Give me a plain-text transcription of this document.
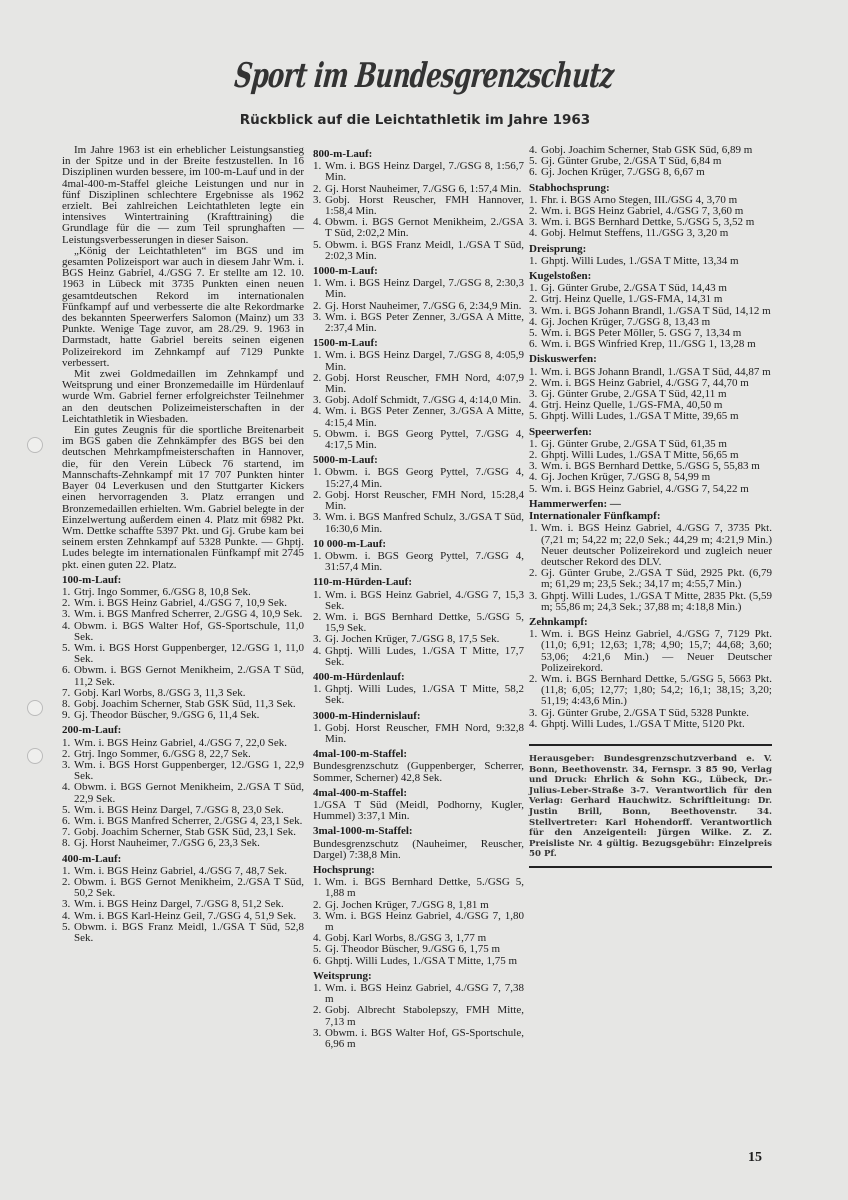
Sport im Bundesgrenzschutz
Rückblick auf die Leichtathletik im Jahre 1963
Im Jahre 1963 ist ein erheblicher Leistungsanstieg in der Spitze und in der Breite festzustellen. In 16 Disziplinen wurden bessere, im 100-m-Lauf und in der 4mal-400-m-Staffel gleiche Leistungen und nur in fünf Disziplinen schlechtere Ergebnisse als 1962 erzielt. Bei zahlreichen Leichtathleten legte ein intensives Wintertraining (Krafttraining) die Grundlage für die — zum Teil sprunghaften — Leistungsverbesserungen in dieser Saison.
„König der Leichtathleten“ im BGS und im gesamten Polizeisport war auch in diesem Jahr Wm. i. BGS Heinz Gabriel, 4./GSG 7. Er stellte am 12. 10. 1963 in Lübeck mit 3735 Punkten einen neuen gesamtdeutschen Rekord im internationalen Fünfkampf auf und verbesserte die alte Rekordmarke des bekannten Speerwerfers Salomon (Mainz) um 33 Punkte. Wenige Tage zuvor, am 28./29. 9. 1963 in Darmstadt, hatte Gabriel bereits seinen eigenen Polizeirekord im Zehnkampf auf 7129 Punkte verbessert.
Mit zwei Goldmedaillen im Zehnkampf und Weitsprung und einer Bronzemedaille im Hürdenlauf wurde Wm. Gabriel ferner erfolgreichster Teilnehmer an den deutschen Polizeimeisterschaften in der Leichtathletik in Wiesbaden.
Ein gutes Zeugnis für die sportliche Breitenarbeit im BGS gaben die Zehnkämpfer des BGS bei den deutschen Mehrkampfmeisterschaften in Hannover, die, für den Verein Lübeck 76 startend, im Mannschafts-Zehnkampf mit 17 707 Punkten hinter Bayer 04 Leverkusen und den Stuttgarter Kickers einen hervorragenden 3. Platz errangen und Bronzemedaillen erhielten. Wm. Gabriel belegte in der Einzelwertung außerdem einen 4. Platz mit 6982 Pkt. Wm. Dettke schaffte 5397 Pkt. und Gj. Grube kam bei seinem ersten Zehnkampf auf 5328 Punkte. — Ghptj. Ludes belegte im internationalen Fünfkampf mit 2745 pkt. einen guten 22. Platz.
100-m-Lauf:
1. Gtrj. Ingo Sommer, 6./GSG 8, 10,8 Sek.
2. Wm. i. BGS Heinz Gabriel, 4./GSG 7, 10,9 Sek.
3. Wm. i. BGS Manfred Scherrer, 2./GSG 4, 10,9 Sek.
4. Obwm. i. BGS Walter Hof, GS-Sportschule, 11,0 Sek.
5. Wm. i. BGS Horst Guppenberger, 12./GSG 1, 11,0 Sek.
6. Obwm. i. BGS Gernot Menikheim, 2./GSA T Süd, 11,2 Sek.
7. Gobj. Karl Worbs, 8./GSG 3, 11,3 Sek.
8. Gobj. Joachim Scherner, Stab GSK Süd, 11,3 Sek.
9. Gj. Theodor Büscher, 9./GSG 6, 11,4 Sek.
200-m-Lauf:
1. Wm. i. BGS Heinz Gabriel, 4./GSG 7, 22,0 Sek.
2. Gtrj. Ingo Sommer, 6./GSG 8, 22,7 Sek.
3. Wm. i. BGS Horst Guppenberger, 12./GSG 1, 22,9 Sek.
4. Obwm. i. BGS Gernot Menikheim, 2./GSA T Süd, 22,9 Sek.
5. Wm. i. BGS Heinz Dargel, 7./GSG 8, 23,0 Sek.
6. Wm. i. BGS Manfred Scherrer, 2./GSG 4, 23,1 Sek.
7. Gobj. Joachim Scherner, Stab GSK Süd, 23,1 Sek.
8. Gj. Horst Nauheimer, 7./GSG 6, 23,3 Sek.
400-m-Lauf:
1. Wm. i. BGS Heinz Gabriel, 4./GSG 7, 48,7 Sek.
2. Obwm. i. BGS Gernot Menikheim, 2./GSA T Süd, 50,2 Sek.
3. Wm. i. BGS Heinz Dargel, 7./GSG 8, 51,2 Sek.
4. Wm. i. BGS Karl-Heinz Geil, 7./GSG 4, 51,9 Sek.
5. Obwm. i. BGS Franz Meidl, 1./GSA T Süd, 52,8 Sek.
800-m-Lauf:
1. Wm. i. BGS Heinz Dargel, 7./GSG 8, 1:56,7 Min.
2. Gj. Horst Nauheimer, 7./GSG 6, 1:57,4 Min.
3. Gobj. Horst Reuscher, FMH Hannover, 1:58,4 Min.
4. Obwm. i. BGS Gernot Menikheim, 2./GSA T Süd, 2:02,2 Min.
5. Obwm. i. BGS Franz Meidl, 1./GSA T Süd, 2:02,3 Min.
1000-m-Lauf:
1. Wm. i. BGS Heinz Dargel, 7./GSG 8, 2:30,3 Min.
2. Gj. Horst Nauheimer, 7./GSG 6, 2:34,9 Min.
3. Wm. i. BGS Peter Zenner, 3./GSA A Mitte, 2:37,4 Min.
1500-m-Lauf:
1. Wm. i. BGS Heinz Dargel, 7./GSG 8, 4:05,9 Min.
2. Gobj. Horst Reuscher, FMH Nord, 4:07,9 Min.
3. Gobj. Adolf Schmidt, 7./GSG 4, 4:14,0 Min.
4. Wm. i. BGS Peter Zenner, 3./GSA A Mitte, 4:15,4 Min.
5. Obwm. i. BGS Georg Pyttel, 7./GSG 4, 4:17,5 Min.
5000-m-Lauf:
1. Obwm. i. BGS Georg Pyttel, 7./GSG 4, 15:27,4 Min.
2. Gobj. Horst Reuscher, FMH Nord, 15:28,4 Min.
3. Wm. i. BGS Manfred Schulz, 3./GSA T Süd, 16:30,6 Min.
10 000-m-Lauf:
1. Obwm. i. BGS Georg Pyttel, 7./GSG 4, 31:57,4 Min.
110-m-Hürden-Lauf:
1. Wm. i. BGS Heinz Gabriel, 4./GSG 7, 15,3 Sek.
2. Wm. i. BGS Bernhard Dettke, 5./GSG 5, 15,9 Sek.
3. Gj. Jochen Krüger, 7./GSG 8, 17,5 Sek.
4. Ghptj. Willi Ludes, 1./GSA T Mitte, 17,7 Sek.
400-m-Hürdenlauf:
1. Ghptj. Willi Ludes, 1./GSA T Mitte, 58,2 Sek.
3000-m-Hindernislauf:
1. Gobj. Horst Reuscher, FMH Nord, 9:32,8 Min.
4mal-100-m-Staffel:
Bundesgrenzschutz (Guppenberger, Scherrer, Sommer, Scherner) 42,8 Sek.
4mal-400-m-Staffel:
1./GSA T Süd (Meidl, Podhorny, Kugler, Hummel) 3:37,1 Min.
3mal-1000-m-Staffel:
Bundesgrenzschutz (Nauheimer, Reuscher, Dargel) 7:38,8 Min.
Hochsprung:
1. Wm. i. BGS Bernhard Dettke, 5./GSG 5, 1,88 m
2. Gj. Jochen Krüger, 7./GSG 8, 1,81 m
3. Wm. i. BGS Heinz Gabriel, 4./GSG 7, 1,80 m
4. Gobj. Karl Worbs, 8./GSG 3, 1,77 m
5. Gj. Theodor Büscher, 9./GSG 6, 1,75 m
6. Ghptj. Willi Ludes, 1./GSA T Mitte, 1,75 m
Weitsprung:
1. Wm. i. BGS Heinz Gabriel, 4./GSG 7, 7,38 m
2. Gobj. Albrecht Stabolepszy, FMH Mitte, 7,13 m
3. Obwm. i. BGS Walter Hof, GS-Sportschule, 6,96 m
4. Gobj. Joachim Scherner, Stab GSK Süd, 6,89 m
5. Gj. Günter Grube, 2./GSA T Süd, 6,84 m
6. Gj. Jochen Krüger, 7./GSG 8, 6,67 m
Stabhochsprung:
1. Fhr. i. BGS Arno Stegen, III./GSG 4, 3,70 m
2. Wm. i. BGS Heinz Gabriel, 4./GSG 7, 3,60 m
3. Wm. i. BGS Bernhard Dettke, 5./GSG 5, 3,52 m
4. Gobj. Helmut Steffens, 11./GSG 3, 3,20 m
Dreisprung:
1. Ghptj. Willi Ludes, 1./GSA T Mitte, 13,34 m
Kugelstoßen:
1. Gj. Günter Grube, 2./GSA T Süd, 14,43 m
2. Gtrj. Heinz Quelle, 1./GS-FMA, 14,31 m
3. Wm. i. BGS Johann Brandl, 1./GSA T Süd, 14,12 m
4. Gj. Jochen Krüger, 7./GSG 8, 13,43 m
5. Wm. i. BGS Peter Möller, 5. GSG 7, 13,34 m
6. Wm. i. BGS Winfried Krep, 11./GSG 1, 13,28 m
Diskuswerfen:
1. Wm. i. BGS Johann Brandl, 1./GSA T Süd, 44,87 m
2. Wm. i. BGS Heinz Gabriel, 4./GSG 7, 44,70 m
3. Gj. Günter Grube, 2./GSA T Süd, 42,11 m
4. Gtrj. Heinz Quelle, 1./GS-FMA, 40,50 m
5. Ghptj. Willi Ludes, 1./GSA T Mitte, 39,65 m
Speerwerfen:
1. Gj. Günter Grube, 2./GSA T Süd, 61,35 m
2. Ghptj. Willi Ludes, 1./GSA T Mitte, 56,65 m
3. Wm. i. BGS Bernhard Dettke, 5./GSG 5, 55,83 m
4. Gj. Jochen Krüger, 7./GSG 8, 54,99 m
5. Wm. i. BGS Heinz Gabriel, 4./GSG 7, 54,22 m
Hammerwerfen: —
Internationaler Fünfkampf:
1. Wm. i. BGS Heinz Gabriel, 4./GSG 7, 3735 Pkt. (7,21 m; 54,22 m; 22,0 Sek.; 44,29 m; 4:21,9 Min.) Neuer deutscher Polizeirekord und zugleich neuer deutscher Rekord des DLV.
2. Gj. Günter Grube, 2./GSA T Süd, 2925 Pkt. (6,79 m; 61,29 m; 23,5 Sek.; 34,17 m; 4:55,7 Min.)
3. Ghptj. Willi Ludes, 1./GSA T Mitte, 2835 Pkt. (5,59 m; 55,86 m; 24,3 Sek.; 37,88 m; 4:18,8 Min.)
Zehnkampf:
1. Wm. i. BGS Heinz Gabriel, 4./GSG 7, 7129 Pkt. (11,0; 6,91; 12,63; 1,78; 4,90; 15,7; 44,68; 3,60; 53,06; 4:21,6 Min.) — Neuer Deutscher Polizeirekord.
2. Wm. i. BGS Bernhard Dettke, 5./GSG 5, 5663 Pkt. (11,8; 6,05; 12,77; 1,80; 54,2; 16,1; 38,15; 3,20; 51,19; 4:43,6 Min.)
3. Gj. Günter Grube, 2./GSA T Süd, 5328 Punkte.
4. Ghptj. Willi Ludes, 1./GSA T Mitte, 5120 Pkt.
Herausgeber: Bundesgrenzschutzverband e. V. Bonn, Beethovenstr. 34, Fernspr. 3 85 90, Verlag und Druck: Ehrlich & Sohn KG., Lübeck, Dr.-Julius-Leber-Straße 3-7. Verantwortlich für den Verlag: Gerhard Hauchwitz. Schriftleitung: Dr. Justin Brill, Bonn, Beethovenstr. 34. Stellvertreter: Karl Hohendorff. Verantwortlich für den Anzeigenteil: Jürgen Wilke. Z. Z. Preisliste Nr. 4 gültig. Bezugsgebühr: Einzelpreis 50 Pf.
15
